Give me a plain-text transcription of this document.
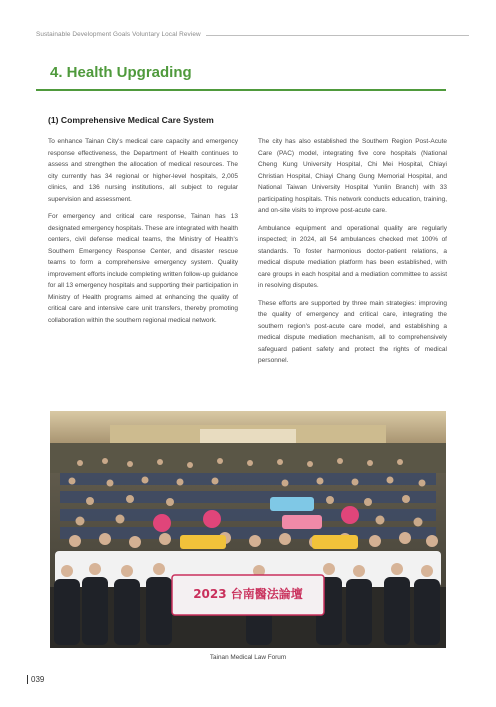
Sustainable Development Goals Voluntary Local Review
4. Health Upgrading
(1) Comprehensive Medical Care System

To enhance Tainan City's medical care capacity and emergency response effectiveness, the Department of Health continues to assess and strengthen the allocation of medical resources. The city currently has 34 regional or higher-level hospitals, 2,005 clinics, and 136 nursing institutions, all subject to regular supervision and assessment.

For emergency and critical care response, Tainan has 13 designated emergency hospitals. These are integrated with health centers, civil defense medical teams, the Ministry of Health's Southern Emergency Response Center, and disaster rescue teams to form a comprehensive emergency system. Quality improvement efforts include completing written follow-up guidance for all 13 emergency hospitals and supporting their participation in Ministry of Health programs aimed at enhancing the quality of critical care and intensive care unit transfers, thereby promoting collaboration within the southern regional medical network.

The city has also established the Southern Region Post-Acute Care (PAC) model, integrating five core hospitals (National Cheng Kung University Hospital, Chi Mei Hospital, Chiayi Christian Hospital, Chiayi Chang Gung Memorial Hospital, and National Taiwan University Hospital Yunlin Branch) with 33 participating hospitals. This network conducts education, training, and on-site visits to improve post-acute care.

Ambulance equipment and operational quality are regularly inspected; in 2024, all 54 ambulances checked met 100% of standards. To foster harmonious doctor-patient relations, a medical dispute mediation platform has been established, with care groups in each hospital and a mediation committee to assist in resolving disputes.

These efforts are supported by three main strategies: improving the quality of emergency and critical care, integrating the southern region's post-acute care model, and establishing a medical dispute mediation mechanism, all to comprehensively safeguard patient safety and protect the rights of medical personnel.

2023 台南醫法論壇
Tainan Medical Law Forum
039
